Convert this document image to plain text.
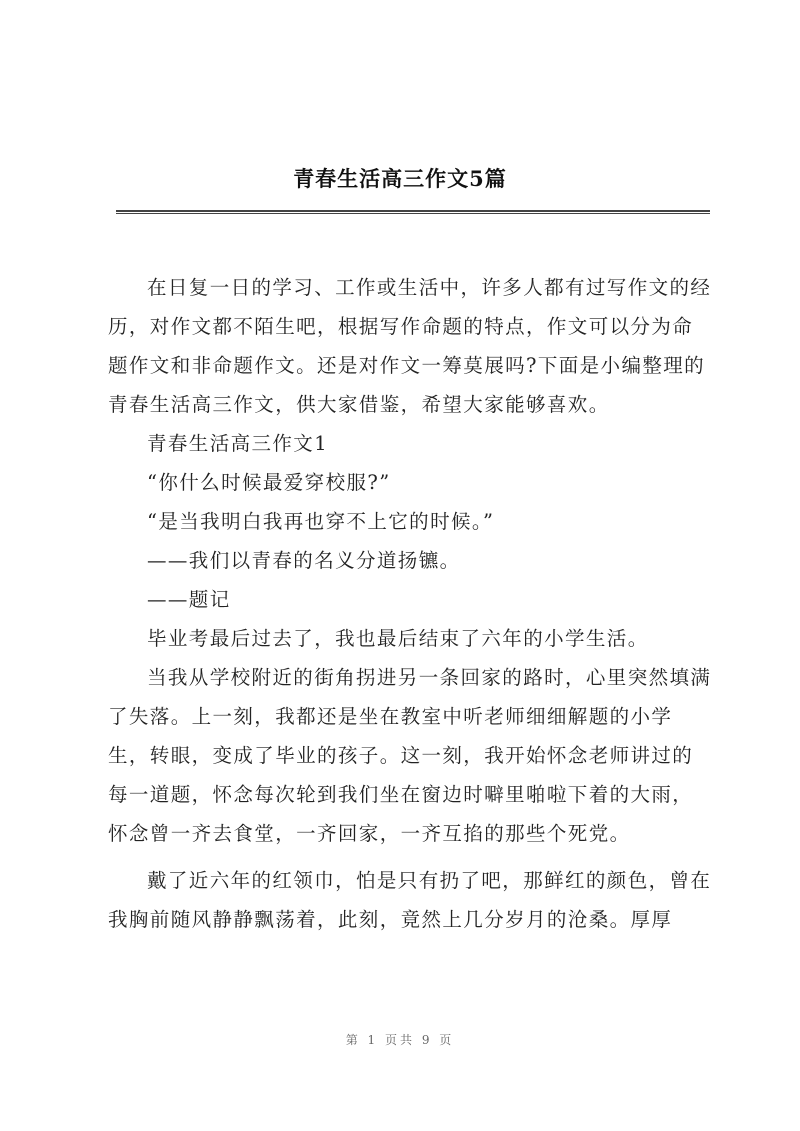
青春生活高三作文5篇

在日复一日的学习、工作或生活中，许多人都有过写作文的经历，对作文都不陌生吧，根据写作命题的特点，作文可以分为命题作文和非命题作文。还是对作文一筹莫展吗?下面是小编整理的青春生活高三作文，供大家借鉴，希望大家能够喜欢。

青春生活高三作文1

“你什么时候最爱穿校服?”

“是当我明白我再也穿不上它的时候。”

——我们以青春的名义分道扬镳。

——题记

毕业考最后过去了，我也最后结束了六年的小学生活。

当我从学校附近的街角拐进另一条回家的路时，心里突然填满了失落。上一刻，我都还是坐在教室中听老师细细解题的小学生，转眼，变成了毕业的孩子。这一刻，我开始怀念老师讲过的每一道题，怀念每次轮到我们坐在窗边时噼里啪啦下着的大雨，怀念曾一齐去食堂，一齐回家，一齐互掐的那些个死党。

戴了近六年的红领巾，怕是只有扔了吧，那鲜红的颜色，曾在我胸前随风静静飘荡着，此刻，竟然上几分岁月的沧桑。厚厚

第 1 页共 9 页
